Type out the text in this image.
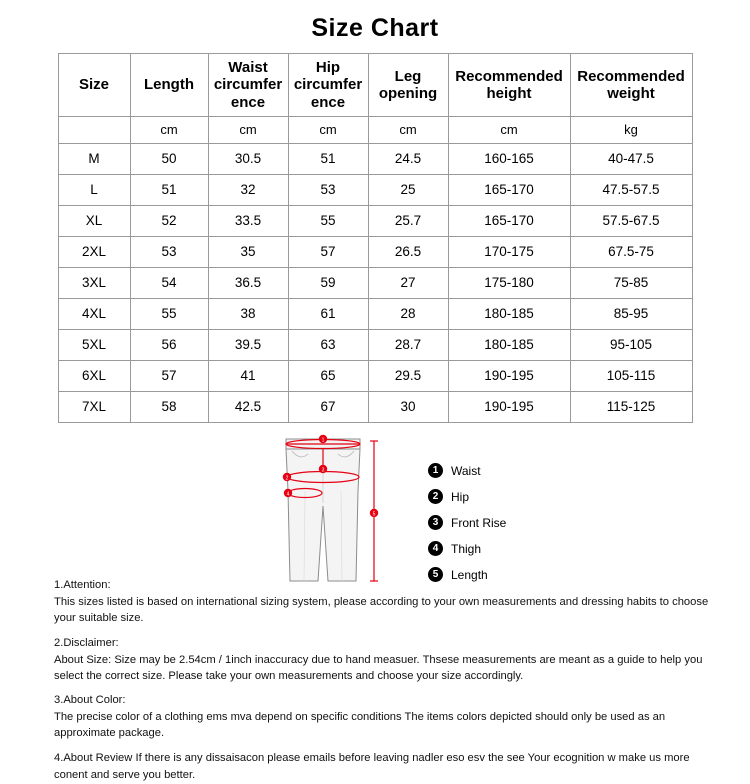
Size Chart
Size	Length	Waist circumference	Hip circumference	Leg opening	Recommended height	Recommended weight
	cm	cm	cm	cm	cm	kg
M	50	30.5	51	24.5	160-165	40-47.5
L	51	32	53	25	165-170	47.5-57.5
XL	52	33.5	55	25.7	165-170	57.5-67.5
2XL	53	35	57	26.5	170-175	67.5-75
3XL	54	36.5	59	27	175-180	75-85
4XL	55	38	61	28	180-185	85-95
5XL	56	39.5	63	28.7	180-185	95-105
6XL	57	41	65	29.5	190-195	105-115
7XL	58	42.5	67	30	190-195	115-125
1
2
3
4
5
1	Waist
2	Hip
3	Front Rise
4	Thigh
5	Length

1.Attention:

This sizes listed is based on international sizing system, please according to your own measurements and dressing habits to choose your suitable size.

2.Disclaimer:

About Size: Size may be 2.54cm / 1inch inaccuracy due to hand measuer. Thsese measurements are meant as a guide to help you select the correct size. Please take your own measurements and choose your size accordingly.

3.About Color:

The precise color of a clothing ems mva depend on specific conditions The items colors depicted should only be used as an approximate package.

4.About Review If there is any dissaisacon please emails before leaving nadler eso esv the see Your ecognition w make us more

conent and serve you better.
